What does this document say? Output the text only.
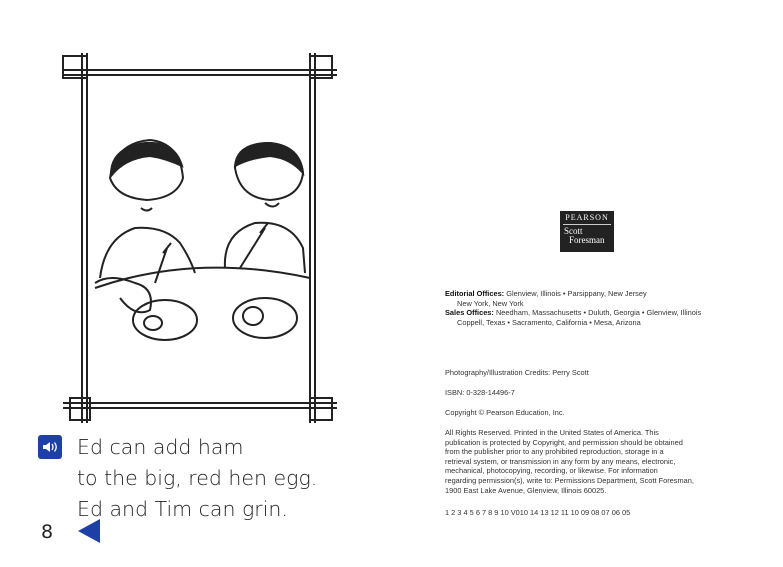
Ed can add ham
to the big, red hen egg.
Ed and Tim can grin.
8
PEARSON
Scott
Foresman
Editorial Offices: Glenview, Illinois • Parsippany, New Jersey
New York, New York
Sales Offices: Needham, Massachusetts • Duluth, Georgia • Glenview, Illinois
Coppell, Texas • Sacramento, California • Mesa, Arizona
Photography/Illustration Credits: Perry Scott
ISBN: 0-328-14496-7
Copyright © Pearson Education, Inc.
All Rights Reserved. Printed in the United States of America. This
publication is protected by Copyright, and permission should be obtained
from the publisher prior to any prohibited reproduction, storage in a
retrieval system, or transmission in any form by any means, electronic,
mechanical, photocopying, recording, or likewise. For information
regarding permission(s), write to: Permissions Department, Scott Foresman,
1900 East Lake Avenue, Glenview, Illinois 60025.
1 2 3 4 5 6 7 8 9 10 V010 14 13 12 11 10 09 08 07 06 05
